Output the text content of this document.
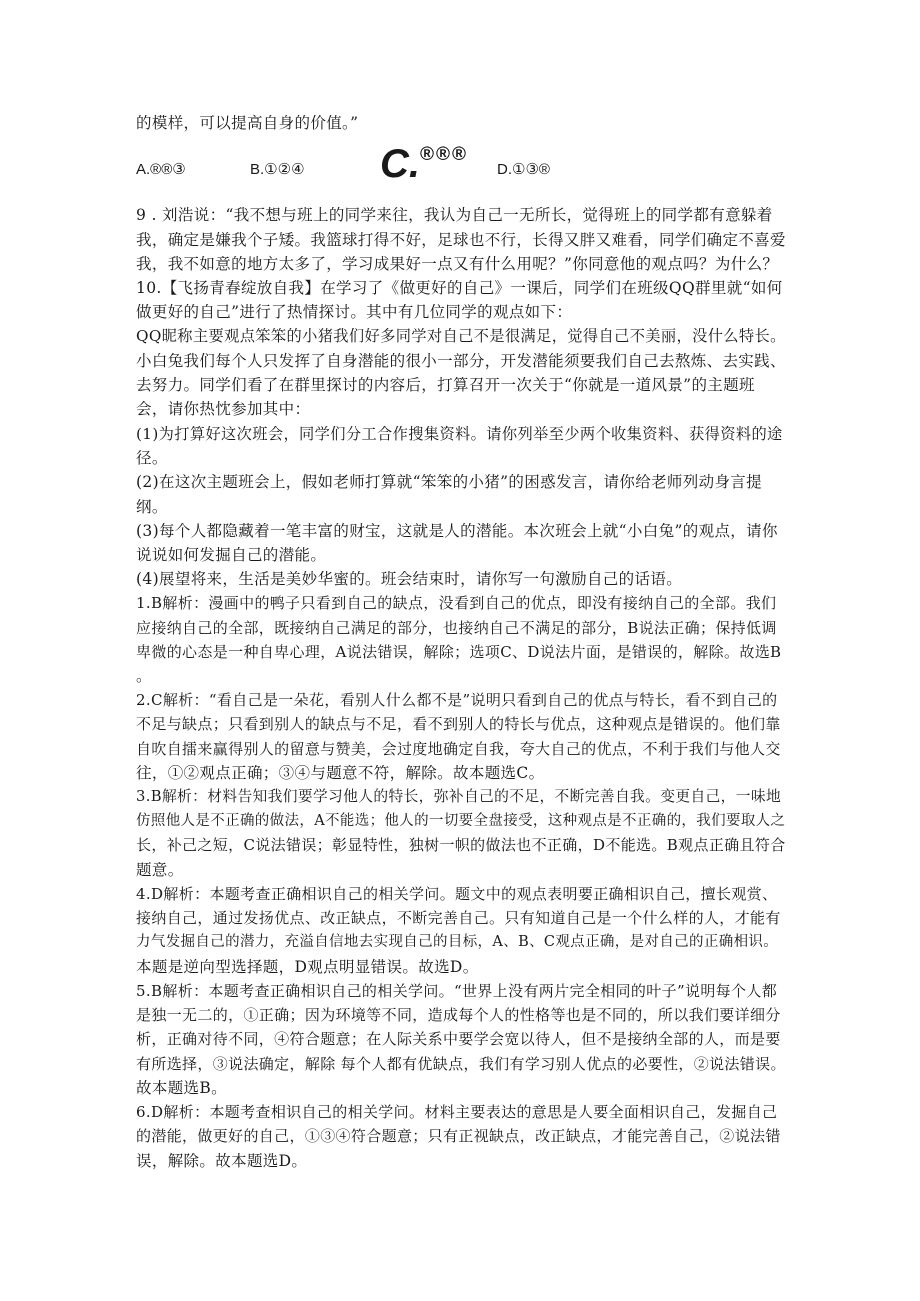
的模样，可以提高自身的价值。”
A.®®③	B.①②④ C.®®®
D.①③®
9 . 刘浩说：“我不想与班上的同学来往，我认为自己一无所长，觉得班上的同学都有意躲着
我，确定是嫌我个子矮。我篮球打得不好，足球也不行，长得又胖又难看，同学们确定不喜爱
我，我不如意的地方太多了，学习成果好一点又有什么用呢？”你同意他的观点吗？为什么？
10.【飞扬青春绽放自我】在学习了《做更好的自己》一课后，同学们在班级QQ群里就“如何
做更好的自己”进行了热情探讨。其中有几位同学的观点如下：
QQ昵称主要观点笨笨的小猪我们好多同学对自己不是很满足，觉得自己不美丽，没什么特长。
小白兔我们每个人只发挥了自身潜能的很小一部分，开发潜能须要我们自己去熬炼、去实践、
去努力。同学们看了在群里探讨的内容后，打算召开一次关于“你就是一道风景”的主题班
会，请你热忱参加其中：
(1)为打算好这次班会，同学们分工合作搜集资料。请你列举至少两个收集资料、获得资料的途
径。
(2)在这次主题班会上，假如老师打算就“笨笨的小猪”的困惑发言，请你给老师列动身言提
纲。
(3)每个人都隐藏着一笔丰富的财宝，这就是人的潜能。本次班会上就“小白兔”的观点，请你
说说如何发掘自己的潜能。
(4)展望将来，生活是美妙华蜜的。班会结束时，请你写一句激励自己的话语。
1.B解析：漫画中的鸭子只看到自己的缺点，没看到自己的优点，即没有接纳自己的全部。我们
应接纳自己的全部，既接纳自己满足的部分，也接纳自己不满足的部分，B说法正确；保持低调
卑微的心态是一种自卑心理，A说法错误，解除；选项C、D说法片面，是错误的，解除。故选B
。
2.C解析：“看自己是一朵花，看别人什么都不是”说明只看到自己的优点与特长，看不到自己的
不足与缺点；只看到别人的缺点与不足，看不到别人的特长与优点，这种观点是错误的。他们靠
自吹自擂来赢得别人的留意与赞美，会过度地确定自我，夸大自己的优点，不利于我们与他人交
往，①②观点正确；③④与题意不符，解除。故本题选C。
3.B解析：材料告知我们要学习他人的特长，弥补自己的不足，不断完善自我。变更自己，一味地
仿照他人是不正确的做法，A不能选；他人的一切要全盘接受，这种观点是不正确的，我们要取人之
长，补己之短，C说法错误；彰显特性，独树一帜的做法也不正确，D不能选。B观点正确且符合
题意。
4.D解析：本题考查正确相识自己的相关学问。题文中的观点表明要正确相识自己，擅长观赏、
接纳自己，通过发扬优点、改正缺点，不断完善自己。只有知道自己是一个什么样的人，才能有
力气发掘自己的潜力，充溢自信地去实现自己的目标，A、B、C观点正确，是对自己的正确相识。
本题是逆向型选择题，D观点明显错误。故选D。
5.B解析：本题考查正确相识自己的相关学问。“世界上没有两片完全相同的叶子”说明每个人都
是独一无二的，①正确；因为环境等不同，造成每个人的性格等也是不同的，所以我们要详细分
析，正确对待不同，④符合题意；在人际关系中要学会宽以待人，但不是接纳全部的人，而是要
有所选择，③说法确定，解除 每个人都有优缺点，我们有学习别人优点的必要性，②说法错误。
故本题选B。
6.D解析：本题考查相识自己的相关学问。材料主要表达的意思是人要全面相识自己，发掘自己
的潜能，做更好的自己，①③④符合题意；只有正视缺点，改正缺点，才能完善自己，②说法错
误，解除。故本题选D。
